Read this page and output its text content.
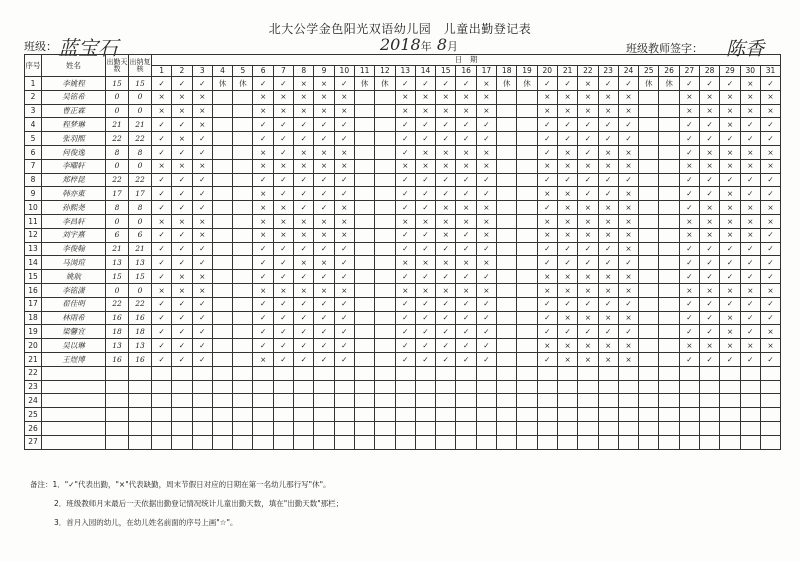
北大公学金色阳光双语幼儿园　儿童出勤登记表
班级： 蓝宝石	2018年 8月	班级教师签字： 陈香
序号	姓名	出勤天数	出纳复核	日　期																														
				1	2	3	4	5	6	7	8	9	10	11	12	13	14	15	16	17	18	19	20	21	22	23	24	25	26	27	28	29	30	31
1	李姚程	15	15	✓	✓	✓	休	休	✓	✓	×	×	✓	休	休	✓	✓	✓	✓	×	休	休	✓	✓	×	✓	✓	休	休	✓	✓	✓	×	✓
2	吴铭希	0	0	×	×	×			×	×	×	×	×			×	×	×	×	×			×	×	×	×	×			×	×	×	×	×
3	曹正霖	0	0	×	×	×			×	×	×	×	×			×	×	×	×	×			×	×	×	×	×			×	×	×	×	×
4	程梦琳	21	21	✓	✓	×			✓	✓	✓	✓	✓			✓	✓	✓	✓	✓			✓	✓	✓	✓	✓			✓	✓	×	✓	✓
5	张羽熙	22	22	✓	×	✓			✓	✓	✓	✓	✓			✓	✓	✓	✓	✓			✓	✓	✓	✓	✓			✓	✓	✓	✓	✓
6	何俊逸	8	8	✓	✓	✓			×	✓	×	×	×			✓	×	×	×	×			✓	×	✓	×	×			✓	×	×	×	×
7	李曜轩	0	0	×	×	×			×	×	×	×	×			×	×	×	×	×			×	×	×	×	×			×	×	×	×	×
8	郑梓昆	22	22	✓	✓	✓			✓	✓	✓	✓	✓			✓	✓	✓	✓	✓			✓	✓	✓	✓	✓			✓	✓	✓	✓	✓
9	韩亦東	17	17	✓	✓	✓			×	✓	✓	✓	✓			✓	✓	✓	✓	✓			×	×	✓	✓	×			✓	✓	×	✓	✓
10	孙熙尧	8	8	✓	✓	✓			×	×	✓	✓	×			✓	✓	×	×	×			✓	×	×	×	×			✓	×	×	×	×
11	李昌轩	0	0	×	×	×			×	×	×	×	×			×	×	×	×	×			×	×	×	×	×			×	×	×	×	×
12	刘宇熹	6	6	✓	✓	×			×	×	×	×	×			✓	✓	×	✓	×			×	×	×	×	×			×	×	×	×	✓
13	李俊翰	21	21	✓	✓	✓			✓	✓	✓	✓	✓			✓	✓	✓	✓	✓			✓	✓	✓	✓	×			✓	✓	✓	✓	✓
14	马浏瑄	13	13	✓	✓	✓			✓	✓	×	×	✓			×	×	×	×	×			✓	✓	✓	✓	✓			✓	✓	✓	✓	✓
15	姚航	15	15	✓	×	×			✓	✓	✓	✓	✓			✓	✓	✓	✓	✓			×	×	×	×	×			✓	✓	✓	✓	✓
16	李铭潇	0	0	×	×	×			×	×	×	×	×			×	×	×	×	×			×	×	×	×	×			×	×	×	×	×
17	翟佳明	22	22	✓	✓	✓			✓	✓	✓	✓	✓			✓	✓	✓	✓	✓			✓	✓	✓	✓	✓			✓	✓	✓	✓	✓
18	林雨希	16	16	✓	✓	✓			✓	✓	✓	✓	✓			✓	✓	✓	✓	✓			✓	×	×	×	×			✓	✓	×	✓	✓
19	梁馨宜	18	18	✓	✓	✓			✓	✓	✓	✓	✓			✓	✓	✓	✓	✓			✓	✓	✓	✓	✓			✓	✓	×	✓	×
20	吴以琳	13	13	✓	✓	✓			✓	✓	✓	✓	✓			✓	✓	✓	✓	✓			×	×	×	×	×			×	×	×	×	×
21	王煜博	16	16	✓	✓	✓			×	✓	✓	✓	✓			✓	✓	✓	✓	✓			✓	×	×	×	×			✓	✓	✓	✓	✓
22																																		
23																																		
24																																		
25																																		
26																																		
27																																		
备注：1．"✓"代表出勤，"×"代表缺勤，周末节假日对应的日期在第一名幼儿那行写"休"。
2．班级教师月末最后一天依据出勤登记情况统计儿童出勤天数，填在"出勤天数"那栏；
3．首月入园的幼儿，在幼儿姓名前面的序号上画"☆"。
